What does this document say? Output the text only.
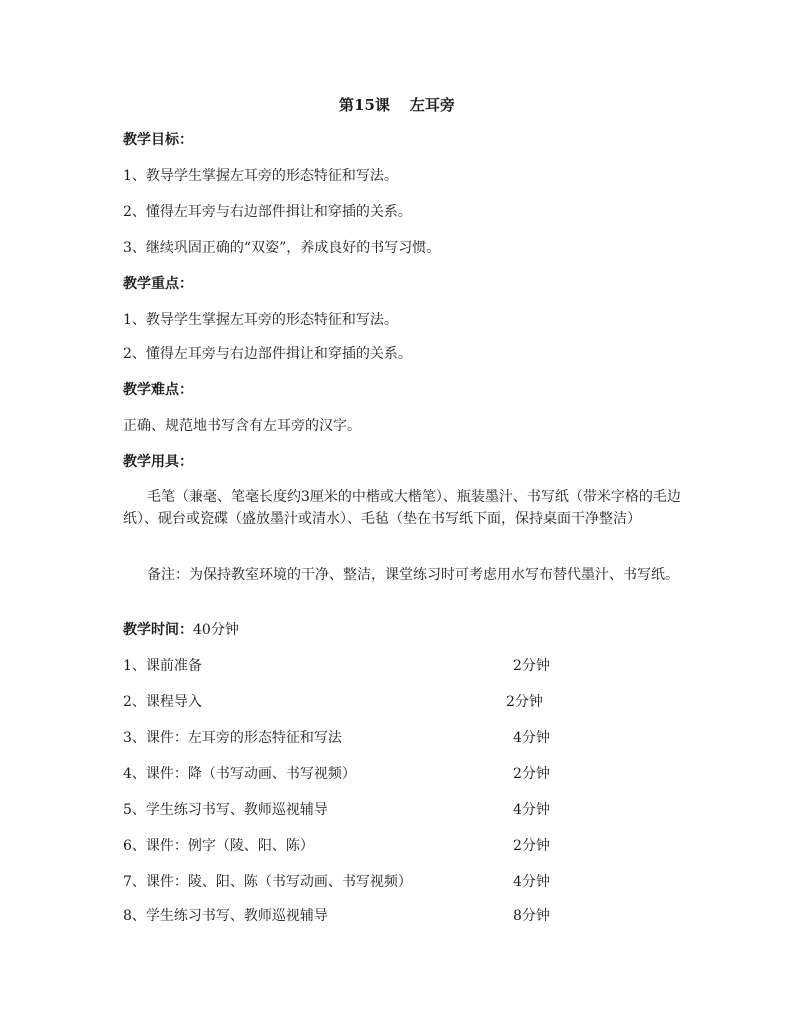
第15课 左耳旁
教学目标：
1、教导学生掌握左耳旁的形态特征和写法。
2、懂得左耳旁与右边部件揖让和穿插的关系。
3、继续巩固正确的“双姿”，养成良好的书写习惯。
教学重点：
1、教导学生掌握左耳旁的形态特征和写法。
2、懂得左耳旁与右边部件揖让和穿插的关系。
教学难点：
正确、规范地书写含有左耳旁的汉字。
教学用具：
毛笔（兼毫、笔毫长度约3厘米的中楷或大楷笔）、瓶装墨汁、书写纸（带米字格的毛边纸）、砚台或瓷碟（盛放墨汁或清水）、毛毡（垫在书写纸下面，保持桌面干净整洁）
备注：为保持教室环境的干净、整洁，课堂练习时可考虑用水写布替代墨汁、书写纸。
教学时间：40分钟
1、课前准备	2分钟
2、课程导入	2分钟
3、课件：左耳旁的形态特征和写法	4分钟
4、课件：降（书写动画、书写视频）	2分钟
5、学生练习书写、教师巡视辅导	4分钟
6、课件：例字（陵、阳、陈）	2分钟
7、课件：陵、阳、陈（书写动画、书写视频）	4分钟
8、学生练习书写、教师巡视辅导	8分钟
